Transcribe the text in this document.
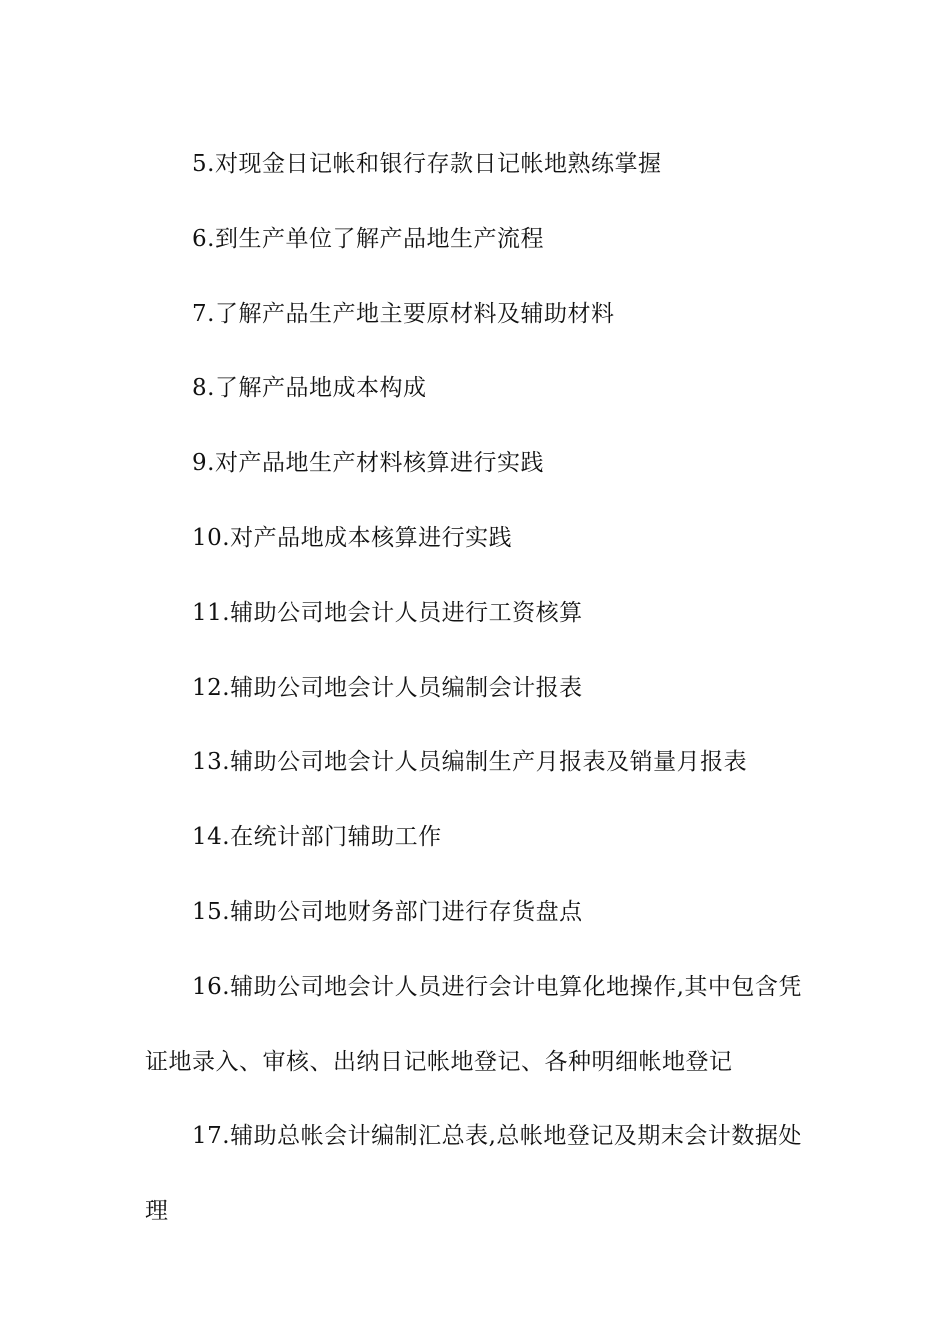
5.对现金日记帐和银行存款日记帐地熟练掌握

6.到生产单位了解产品地生产流程

7.了解产品生产地主要原材料及辅助材料

8.了解产品地成本构成

9.对产品地生产材料核算进行实践

10.对产品地成本核算进行实践

11.辅助公司地会计人员进行工资核算

12.辅助公司地会计人员编制会计报表

13.辅助公司地会计人员编制生产月报表及销量月报表

14.在统计部门辅助工作

15.辅助公司地财务部门进行存货盘点

16.辅助公司地会计人员进行会计电算化地操作,其中包含凭证地录入、审核、出纳日记帐地登记、各种明细帐地登记

17.辅助总帐会计编制汇总表,总帐地登记及期末会计数据处理
